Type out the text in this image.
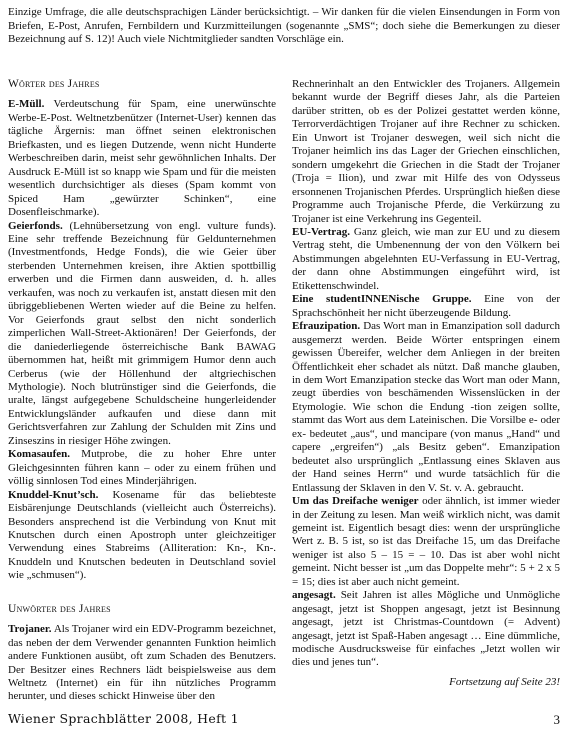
Einzige Umfrage, die alle deutschsprachigen Länder berücksichtigt. – Wir danken für die vielen Einsendungen in Form von Briefen, E-Post, Anrufen, Fernbildern und Kurzmitteilungen (sogenannte „SMS“; doch siehe die Bemerkungen zu dieser Bezeichnung auf S. 12)! Auch viele Nichtmitglieder sandten Vorschläge ein.
Wörter des Jahres

E-Müll. Verdeutschung für Spam, eine unerwünschte Werbe-E-Post. Weltnetzbenützer (Internet-User) kennen das tägliche Ärgernis: man öffnet seinen elektronischen Briefkasten, und es liegen Dutzende, wenn nicht Hunderte Werbeschreiben darin, meist sehr gewöhnlichen Inhalts. Der Ausdruck E-Müll ist so knapp wie Spam und für die meisten wesentlich durchsichtiger als dieses (Spam kommt von Spiced Ham „gewürzter Schinken“, eine Dosenfleischmarke).

Geierfonds. (Lehnübersetzung von engl. vulture funds). Eine sehr treffende Bezeichnung für Geldunternehmen (Investmentfonds, Hedge Fonds), die wie Geier über sterbenden Unternehmen kreisen, ihre Aktien spottbillig erwerben und die Firmen dann ausweiden, d. h. alles verkaufen, was noch zu verkaufen ist, anstatt diesen mit den übriggebliebenen Werten wieder auf die Beine zu helfen. Vor Geierfonds graut selbst den nicht sonderlich zimperlichen Wall-Street-Aktionären! Der Geierfonds, der die daniederliegende österreichische Bank BAWAG übernommen hat, heißt mit grimmigem Humor denn auch Cerberus (wie der Höllenhund der altgriechischen Mythologie). Noch blutrünstiger sind die Geierfonds, die uralte, längst aufgegebene Schuldscheine hungerleidender Entwicklungsländer aufkaufen und diese dann mit Gerichtsverfahren zur Zahlung der Schulden mit Zins und Zinseszins in riesiger Höhe zwingen.

Komasaufen. Mutprobe, die zu hoher Ehre unter Gleichgesinnten führen kann – oder zu einem frühen und völlig sinnlosen Tod eines Minderjährigen.

Knuddel-Knut’sch. Kosename für das beliebteste Eisbärenjunge Deutschlands (vielleicht auch Österreichs). Besonders ansprechend ist die Verbindung von Knut mit Knutschen durch einen Apostroph unter gleichzeitiger Verwendung eines Stabreims (Alliteration: Kn-, Kn-. Knuddeln und Knutschen bedeuten in Deutschland soviel wie „schmusen“).

Unwörter des Jahres

Trojaner. Als Trojaner wird ein EDV-Programm bezeichnet, das neben der dem Verwender genannten Funktion heimlich andere Funktionen ausübt, oft zum Schaden des Benutzers. Der Besitzer eines Rechners lädt beispielsweise aus dem Weltnetz (Internet) ein für ihn nützliches Programm herunter, und dieses schickt Hinweise über den

Rechnerinhalt an den Entwickler des Trojaners. Allgemein bekannt wurde der Begriff dieses Jahr, als die Parteien darüber stritten, ob es der Polizei gestattet werden könne, Terrorverdächtigen Trojaner auf ihre Rechner zu schicken. Ein Unwort ist Trojaner deswegen, weil sich nicht die Trojaner heimlich ins das Lager der Griechen einschlichen, sondern umgekehrt die Griechen in die Stadt der Trojaner (Troja = Ilion), und zwar mit Hilfe des von Odysseus ersonnenen Trojanischen Pferdes. Ursprünglich hießen diese Programme auch Trojanische Pferde, die Verkürzung zu Trojaner ist eine Verkehrung ins Gegenteil.

EU-Vertrag. Ganz gleich, wie man zur EU und zu diesem Vertrag steht, die Umbenennung der von den Völkern bei Abstimmungen abgelehnten EU-Verfassung in EU-Vertrag, der dann ohne Abstimmungen eingeführt wird, ist Etikettenschwindel.

Eine studentINNENische Gruppe. Eine von der Sprachschönheit her nicht überzeugende Bildung.

Efrauzipation. Das Wort man in Emanzipation soll dadurch ausgemerzt werden. Beide Wörter entspringen einem gewissen Übereifer, welcher dem Anliegen in der breiten Öffentlichkeit eher schadet als nützt. Daß manche glauben, in dem Wort Emanzipation stecke das Wort man oder Mann, zeugt überdies von beschämenden Wissenslücken in der Etymologie. Wie schon die Endung -tion zeigen sollte, stammt das Wort aus dem Lateinischen. Die Vorsilbe e- oder ex- bedeutet „aus“, und mancipare (von manus „Hand“ und capere „ergreifen“) „als Besitz geben“. Emanzipation bedeutet also ursprünglich „Entlassung eines Sklaven aus der Hand seines Herrn“ und wurde tatsächlich für die Entlassung der Sklaven in den V. St. v. A. gebraucht.

Um das Dreifache weniger oder ähnlich, ist immer wieder in der Zeitung zu lesen. Man weiß wirklich nicht, was damit gemeint ist. Eigentlich besagt dies: wenn der ursprüngliche Wert z. B. 5 ist, so ist das Dreifache 15, um das Dreifache weniger ist also 5 – 15 = – 10. Das ist aber wohl nicht gemeint. Nicht besser ist „um das Doppelte mehr“: 5 + 2 x 5 = 15; dies ist aber auch nicht gemeint.

angesagt. Seit Jahren ist alles Mögliche und Unmögliche angesagt, jetzt ist Shoppen angesagt, jetzt ist Besinnung angesagt, jetzt ist Christmas-Countdown (= Advent) angesagt, jetzt ist Spaß-Haben angesagt … Eine dümmliche, modische Ausdrucksweise für einfaches „Jetzt wollen wir dies und jenes tun“.

Fortsetzung auf Seite 23!
Wiener Sprachblätter 2008, Heft 1	3
